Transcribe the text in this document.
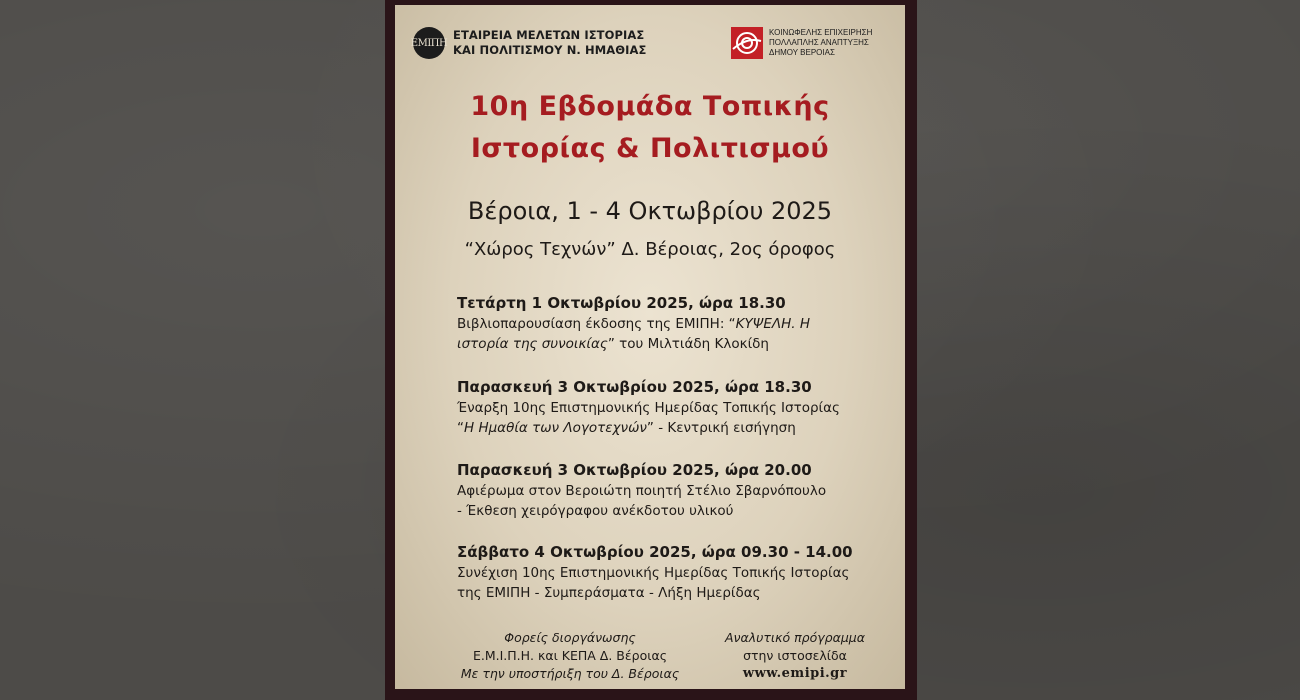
ΕΜΙΠΗ
ΕΤΑΙΡΕΙΑ ΜΕΛΕΤΩΝ ΙΣΤΟΡΙΑΣ
ΚΑΙ ΠΟΛΙΤΙΣΜΟΥ Ν. ΗΜΑΘΙΑΣ
ΚΟΙΝΩΦΕΛΗΣ ΕΠΙΧΕΙΡΗΣΗ
ΠΟΛΛΑΠΛΗΣ ΑΝΑΠΤΥΞΗΣ
ΔΗΜΟΥ ΒΕΡΟΙΑΣ
10η Εβδομάδα Τοπικής
Ιστορίας & Πολιτισμού
Βέροια, 1 - 4 Οκτωβρίου 2025
“Χώρος Τεχνών” Δ. Βέροιας, 2ος όροφος
Τετάρτη 1 Οκτωβρίου 2025, ώρα 18.30
Βιβλιοπαρουσίαση έκδοσης της ΕΜΙΠΗ: “ΚΥΨΕΛΗ. Η
ιστορία της συνοικίας” του Μιλτιάδη Κλοκίδη
Παρασκευή 3 Οκτωβρίου 2025, ώρα 18.30
Έναρξη 10ης Επιστημονικής Ημερίδας Τοπικής Ιστορίας
“Η Ημαθία των Λογοτεχνών” - Κεντρική εισήγηση
Παρασκευή 3 Οκτωβρίου 2025, ώρα 20.00
Αφιέρωμα στον Βεροιώτη ποιητή Στέλιο Σβαρνόπουλο
- Έκθεση χειρόγραφου ανέκδοτου υλικού
Σάββατο 4 Οκτωβρίου 2025, ώρα 09.30 - 14.00
Συνέχιση 10ης Επιστημονικής Ημερίδας Τοπικής Ιστορίας
της ΕΜΙΠΗ - Συμπεράσματα - Λήξη Ημερίδας
Φορείς διοργάνωσης
Ε.Μ.Ι.Π.Η. και ΚΕΠΑ Δ. Βέροιας
Με την υποστήριξη του Δ. Βέροιας
Αναλυτικό πρόγραμμα
στην ιστοσελίδα
www.emipi.gr
